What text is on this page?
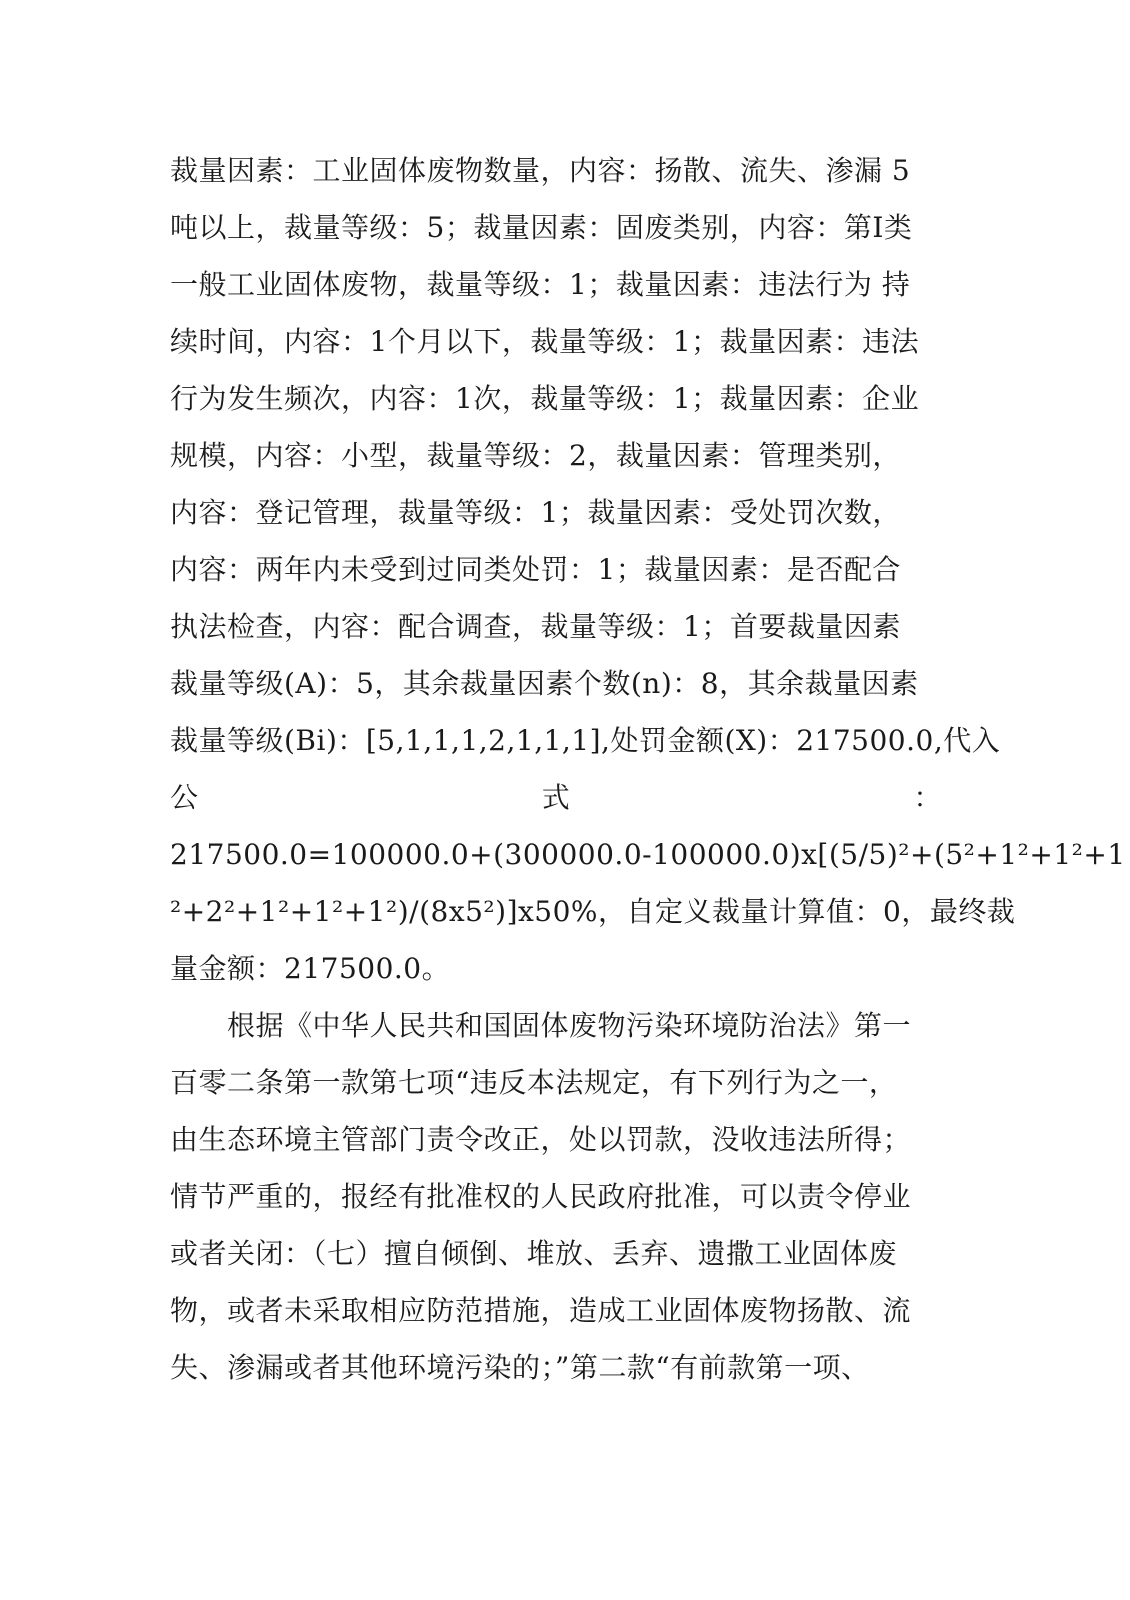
裁量因素：工业固体废物数量，内容：扬散、流失、渗漏 5
吨以上，裁量等级：5；裁量因素：固废类别，内容：第I类
一般工业固体废物，裁量等级：1；裁量因素：违法行为 持
续时间，内容：1个月以下，裁量等级：1；裁量因素：违法
行为发生频次，内容：1次，裁量等级：1；裁量因素：企业
规模，内容：小型，裁量等级：2，裁量因素：管理类别，
内容：登记管理，裁量等级：1；裁量因素：受处罚次数，
内容：两年内未受到过同类处罚：1；裁量因素：是否配合
执法检查，内容：配合调查，裁量等级：1；首要裁量因素
裁量等级(A)：5，其余裁量因素个数(n)：8，其余裁量因素
裁量等级(Bi)：[5,1,1,1,2,1,1,1],处罚金额(X)：217500.0,代入
公	式	：
217500.0=100000.0+(300000.0-100000.0)x[(5/5)²+(5²+1²+1²+1
²+2²+1²+1²+1²)/(8x5²)]x50%，自定义裁量计算值：0，最终裁
量金额：217500.0。
　　根据《中华人民共和国固体废物污染环境防治法》第一
百零二条第一款第七项“违反本法规定，有下列行为之一，
由生态环境主管部门责令改正，处以罚款，没收违法所得；
情节严重的，报经有批准权的人民政府批准，可以责令停业
或者关闭：（七）擅自倾倒、堆放、丢弃、遗撒工业固体废
物，或者未采取相应防范措施，造成工业固体废物扬散、流
失、渗漏或者其他环境污染的；”第二款“有前款第一项、
